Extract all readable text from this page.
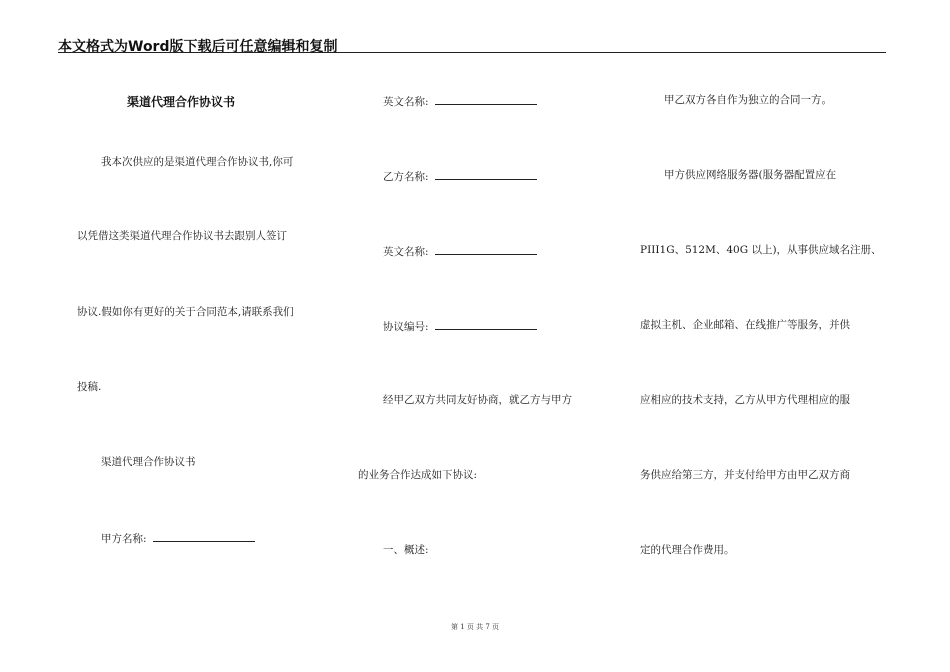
本文格式为Word版下载后可任意编辑和复制
渠道代理合作协议书
我本次供应的是渠道代理合作协议书,你可
以凭借这类渠道代理合作协议书去跟别人签订
协议.假如你有更好的关于合同范本,请联系我们
投稿.
渠道代理合作协议书
甲方名称:
英文名称:
乙方名称:
英文名称:
协议编号:
经甲乙双方共同友好协商，就乙方与甲方
的业务合作达成如下协议:
一、概述:
甲乙双方各自作为独立的合同一方。
甲方供应网络服务器(服务器配置应在
PIII1G、512M、40G 以上)，从事供应域名注册、
虚拟主机、企业邮箱、在线推广等服务，并供
应相应的技术支持，乙方从甲方代理相应的服
务供应给第三方，并支付给甲方由甲乙双方商
定的代理合作费用。
第 1 页 共 7 页
